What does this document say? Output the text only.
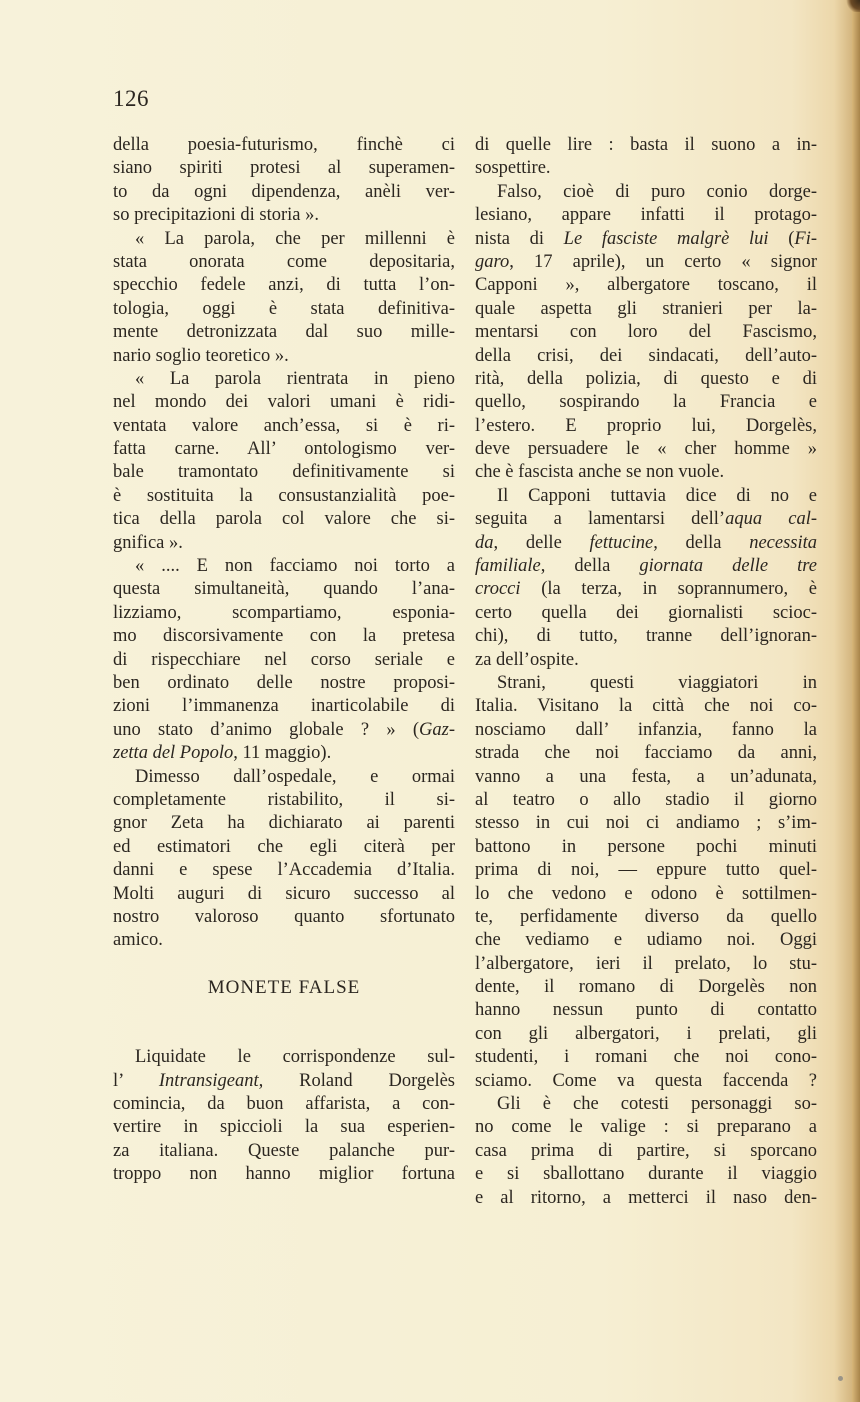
126
della poesia-futurismo, finchè ci
siano spiriti protesi al superamen-
to da ogni dipendenza, anèli ver-
so precipitazioni di storia ».
« La parola, che per millenni è
stata onorata come depositaria,
specchio fedele anzi, di tutta l’on-
tologia, oggi è stata definitiva-
mente detronizzata dal suo mille-
nario soglio teoretico ».
« La parola rientrata in pieno
nel mondo dei valori umani è ridi-
ventata valore anch’essa, si è ri-
fatta carne. All’ ontologismo ver-
bale tramontato definitivamente si
è sostituita la consustanzialità poe-
tica della parola col valore che si-
gnifica ».
« .... E non facciamo noi torto a
questa simultaneità, quando l’ana-
lizziamo, scompartiamo, esponia-
mo discorsivamente con la pretesa
di rispecchiare nel corso seriale e
ben ordinato delle nostre proposi-
zioni l’immanenza inarticolabile di
uno stato d’animo globale ? » (Gaz-
zetta del Popolo, 11 maggio).
Dimesso dall’ospedale, e ormai
completamente ristabilito, il si-
gnor Zeta ha dichiarato ai parenti
ed estimatori che egli citerà per
danni e spese l’Accademia d’Italia.
Molti auguri di sicuro successo al
nostro valoroso quanto sfortunato
amico.
MONETE FALSE
Liquidate le corrispondenze sul-
l’ Intransigeant, Roland Dorgelès
comincia, da buon affarista, a con-
vertire in spiccioli la sua esperien-
za italiana. Queste palanche pur-
troppo non hanno miglior fortuna
di quelle lire : basta il suono a in-
sospettire.
Falso, cioè di puro conio dorge-
lesiano, appare infatti il protago-
nista di Le fasciste malgrè lui (Fi-
garo, 17 aprile), un certo « signor
Capponi », albergatore toscano, il
quale aspetta gli stranieri per la-
mentarsi con loro del Fascismo,
della crisi, dei sindacati, dell’auto-
rità, della polizia, di questo e di
quello, sospirando la Francia e
l’estero. E proprio lui, Dorgelès,
deve persuadere le « cher homme »
che è fascista anche se non vuole.
Il Capponi tuttavia dice di no e
seguita a lamentarsi dell’aqua cal-
da, delle fettucine, della necessita
familiale, della giornata delle tre
crocci (la terza, in soprannumero, è
certo quella dei giornalisti scioc-
chi), di tutto, tranne dell’ignoran-
za dell’ospite.
Strani, questi viaggiatori in
Italia. Visitano la città che noi co-
nosciamo dall’ infanzia, fanno la
strada che noi facciamo da anni,
vanno a una festa, a un’adunata,
al teatro o allo stadio il giorno
stesso in cui noi ci andiamo ; s’im-
battono in persone pochi minuti
prima di noi, — eppure tutto quel-
lo che vedono e odono è sottilmen-
te, perfidamente diverso da quello
che vediamo e udiamo noi. Oggi
l’albergatore, ieri il prelato, lo stu-
dente, il romano di Dorgelès non
hanno nessun punto di contatto
con gli albergatori, i prelati, gli
studenti, i romani che noi cono-
sciamo. Come va questa faccenda ?
Gli è che cotesti personaggi so-
no come le valige : si preparano a
casa prima di partire, si sporcano
e si sballottano durante il viaggio
e al ritorno, a metterci il naso den-
